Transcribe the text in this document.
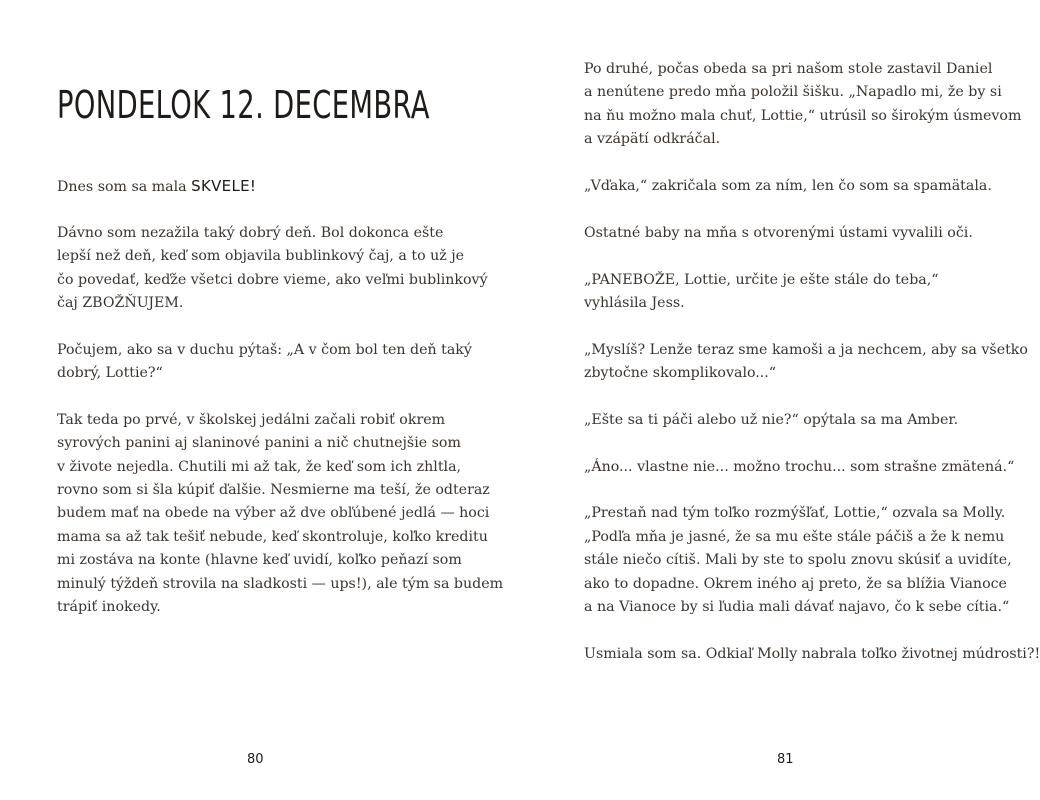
PONDELOK 12. DECEMBRA
Dnes som sa mala SKVELE!
Dávno som nezažila taký dobrý deň. Bol dokonca ešte
lepší než deň, keď som objavila bublinkový čaj, a to už je
čo povedať, keďže všetci dobre vieme, ako veľmi bublinkový
čaj ZBOŽŇUJEM.
Počujem, ako sa v duchu pýtaš: „A v čom bol ten deň taký
dobrý, Lottie?“
Tak teda po prvé, v školskej jedálni začali robiť okrem
syrových panini aj slaninové panini a nič chutnejšie som
v živote nejedla. Chutili mi až tak, že keď som ich zhltla,
rovno som si šla kúpiť ďalšie. Nesmierne ma teší, že odteraz
budem mať na obede na výber až dve obľúbené jedlá — hoci
mama sa až tak tešiť nebude, keď skontroluje, koľko kreditu
mi zostáva na konte (hlavne keď uvidí, koľko peňazí som
minulý týždeň strovila na sladkosti — ups!), ale tým sa budem
trápiť inokedy.
80
Po druhé, počas obeda sa pri našom stole zastavil Daniel
a nenútene predo mňa položil šišku. „Napadlo mi, že by si
na ňu možno mala chuť, Lottie,“ utrúsil so širokým úsmevom
a vzápätí odkráčal.
„Vďaka,“ zakričala som za ním, len čo som sa spamätala.
Ostatné baby na mňa s otvorenými ústami vyvalili oči.
„PANEBOŽE, Lottie, určite je ešte stále do teba,“
vyhlásila Jess.
„Myslíš? Lenže teraz sme kamoši a ja nechcem, aby sa všetko
zbytočne skomplikovalo...“
„Ešte sa ti páči alebo už nie?“ opýtala sa ma Amber.
„Áno... vlastne nie... možno trochu... som strašne zmätená.“
„Prestaň nad tým toľko rozmýšľať, Lottie,“ ozvala sa Molly.
„Podľa mňa je jasné, že sa mu ešte stále páčiš a že k nemu
stále niečo cítiš. Mali by ste to spolu znovu skúsiť a uvidíte,
ako to dopadne. Okrem iného aj preto, že sa blížia Vianoce
a na Vianoce by si ľudia mali dávať najavo, čo k sebe cítia.“
Usmiala som sa. Odkiaľ Molly nabrala toľko životnej múdrosti?!
81
